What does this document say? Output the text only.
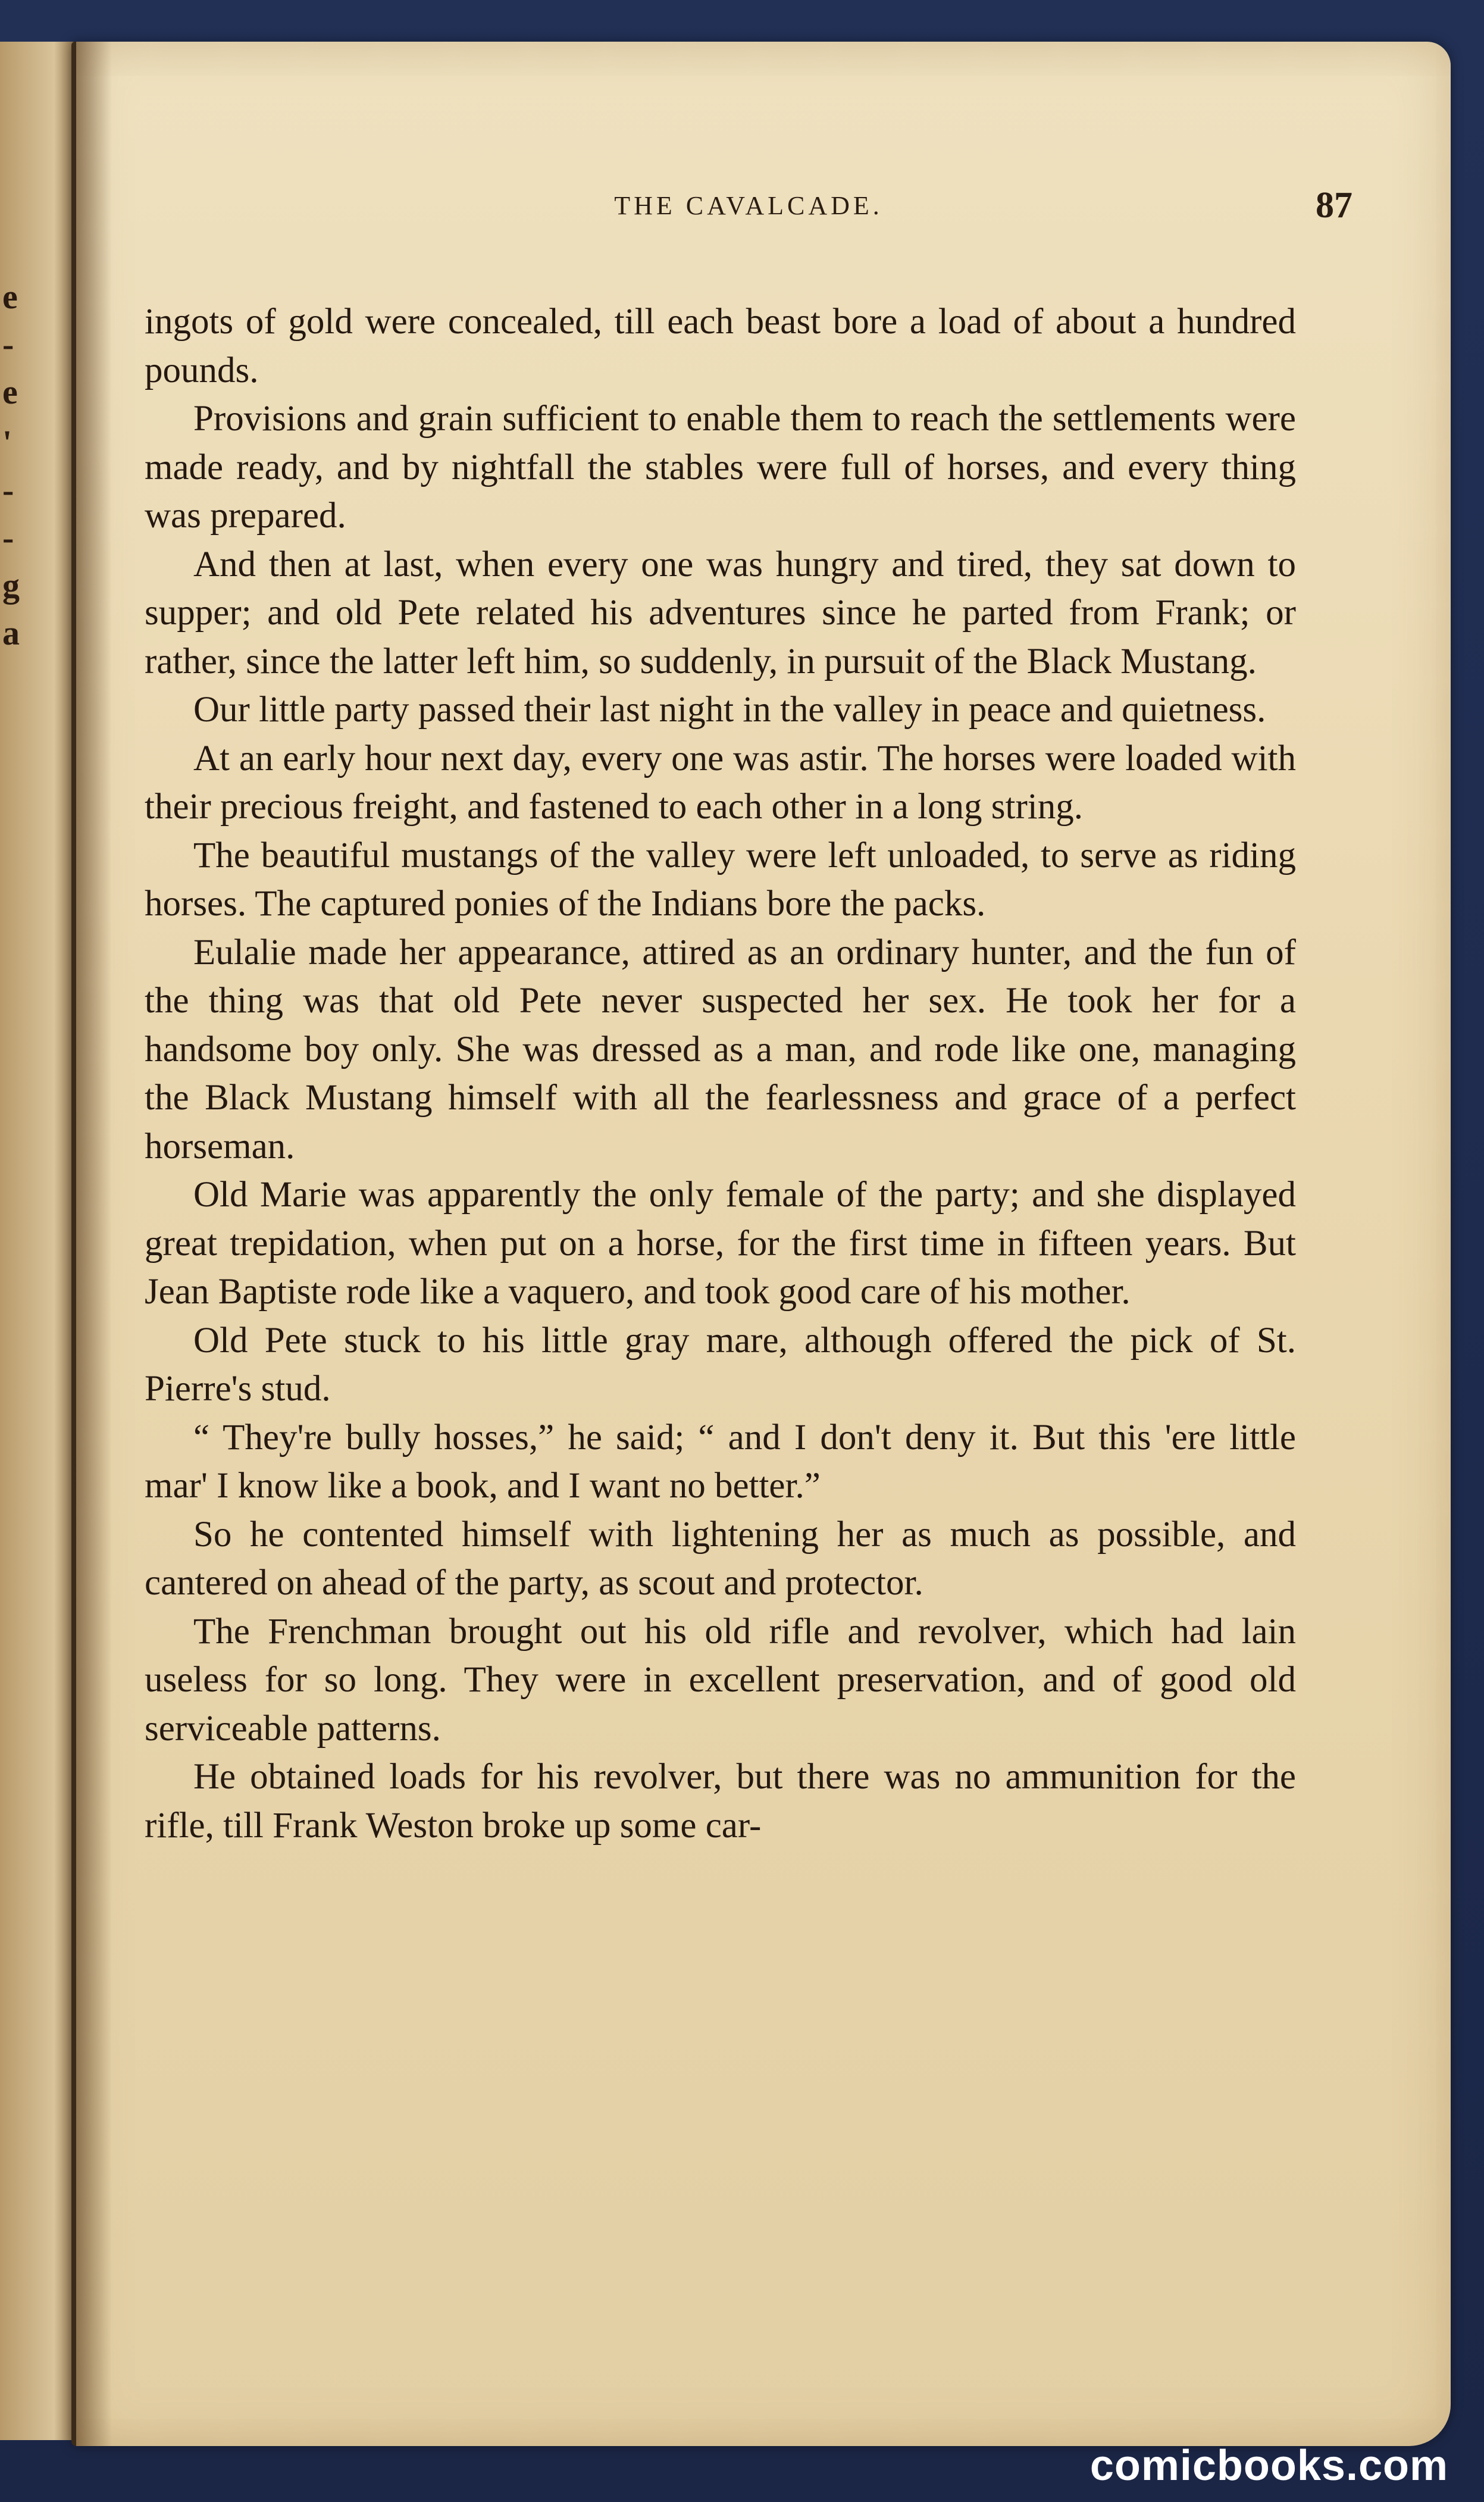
e
-
e
'
-
-
g
a
THE CAVALCADE.	87

ingots of gold were concealed, till each beast bore a load of about a hundred pounds.

Provisions and grain sufficient to enable them to reach the settlements were made ready, and by nightfall the stables were full of horses, and every thing was prepared.

And then at last, when every one was hungry and tired, they sat down to supper; and old Pete related his adventures since he parted from Frank; or rather, since the latter left him, so suddenly, in pursuit of the Black Mustang.

Our little party passed their last night in the valley in peace and quietness.

At an early hour next day, every one was astir. The horses were loaded with their precious freight, and fastened to each other in a long string.

The beautiful mustangs of the valley were left unloaded, to serve as riding horses. The captured ponies of the Indians bore the packs.

Eulalie made her appearance, attired as an ordinary hunter, and the fun of the thing was that old Pete never suspected her sex. He took her for a handsome boy only. She was dressed as a man, and rode like one, managing the Black Mustang himself with all the fearlessness and grace of a perfect horseman.

Old Marie was apparently the only female of the party; and she displayed great trepidation, when put on a horse, for the first time in fifteen years. But Jean Baptiste rode like a vaquero, and took good care of his mother.

Old Pete stuck to his little gray mare, although offered the pick of St. Pierre's stud.

“ They're bully hosses,” he said; “ and I don't deny it. But this 'ere little mar' I know like a book, and I want no better.”

So he contented himself with lightening her as much as possible, and cantered on ahead of the party, as scout and protector.

The Frenchman brought out his old rifle and revolver, which had lain useless for so long. They were in excellent preservation, and of good old serviceable patterns.

He obtained loads for his revolver, but there was no ammunition for the rifle, till Frank Weston broke up some car-

comicbooks.com
